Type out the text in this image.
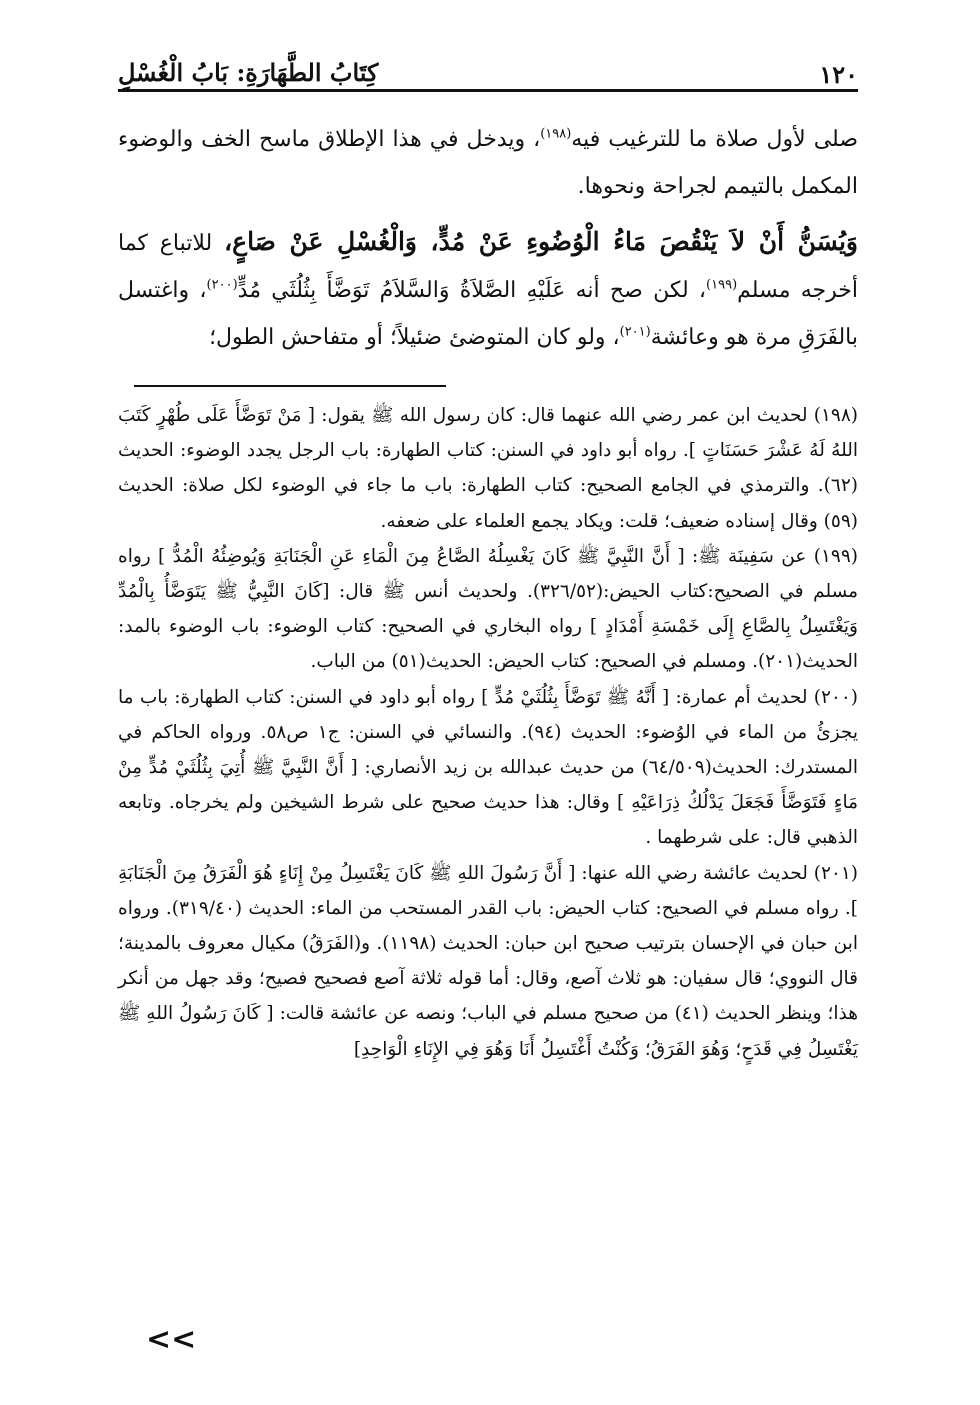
١٢٠
كِتَابُ الطَّهَارَةِ: بَابُ الْغُسْلِ

صلى لأول صلاة ما للترغيب فيه$^{(١٩٨)}$، ويدخل في هذا الإطلاق ماسح الخف والوضوء المكمل بالتيمم لجراحة ونحوها.

وَيُسَنُّ أَنْ لاَ يَنْقُصَ مَاءُ الْوُضُوءِ عَنْ مُدٍّ، وَالْغُسْلِ عَنْ صَاعٍ، للاتباع كما أخرجه مسلم$^{(١٩٩)}$، لكن صح أنه عَلَيْهِ الصَّلاَةُ وَالسَّلاَمُ تَوَضَّأَ بِثُلُثَي مُدٍّ$^{(٢٠٠)}$، واغتسل بالفَرَقِ مرة هو وعائشة$^{(٢٠١)}$، ولو كان المتوضئ ضئيلاً؛ أو متفاحش الطول؛

(١٩٨) لحديث ابن عمر رضي الله عنهما قال: كان رسول الله ﷺ يقول: [ مَنْ تَوَضَّأَ عَلَى طُهْرٍ كَتَبَ اللهُ لَهُ عَشْرَ حَسَنَاتٍ ]. رواه أبو داود في السنن: كتاب الطهارة: باب الرجل يجدد الوضوء: الحديث (٦٢). والترمذي في الجامع الصحيح: كتاب الطهارة: باب ما جاء في الوضوء لكل صلاة: الحديث (٥٩) وقال إسناده ضعيف؛ قلت: ويكاد يجمع العلماء على ضعفه.

(١٩٩) عن سَفِينَة ﷺ: [ أَنَّ النَّبِيَّ ﷺ كَانَ يَغْسِلُهُ الصَّاعُ مِنَ الْمَاءِ عَنِ الْجَنَابَةِ وَيُوضِئُهُ الْمُدُّ ] رواه مسلم في الصحيح:كتاب الحيض:(٣٢٦/٥٢). ولحديث أنس ﷺ قال: [كَانَ النَّبِيُّ ﷺ يَتَوَضَّأُ بِالْمُدِّ وَيَغْتَسِلُ بِالصَّاعِ إِلَى خَمْسَةِ أَمْدَادٍ ] رواه البخاري في الصحيح: كتاب الوضوء: باب الوضوء بالمد: الحديث(٢٠١). ومسلم في الصحيح: كتاب الحيض: الحديث(٥١) من الباب.

(٢٠٠) لحديث أم عمارة: [ أَنَّهُ ﷺ تَوَضَّأَ بِثُلُثَيْ مُدٍّ ] رواه أبو داود في السنن: كتاب الطهارة: باب ما يجزئُ من الماء في الوُضوء: الحديث (٩٤). والنسائي في السنن: ج١ ص٥٨. ورواه الحاكم في المستدرك: الحديث(٦٤/٥٠٩) من حديث عبدالله بن زيد الأنصاري: [ أَنَّ النَّبِيَّ ﷺ أُتِيَ بِثُلُثَيْ مُدٍّ مِنْ مَاءٍ فَتَوَضَّأَ فَجَعَلَ يَدْلُكُ ذِرَاعَيْهِ ] وقال: هذا حديث صحيح على شرط الشيخين ولم يخرجاه. وتابعه الذهبي قال: على شرطهما .

(٢٠١) لحديث عائشة رضي الله عنها: [ أَنَّ رَسُولَ اللهِ ﷺ كَانَ يَغْتَسِلُ مِنْ إِنَاءٍ هُوَ الْفَرَقُ مِنَ الْجَنَابَةِ ]. رواه مسلم في الصحيح: كتاب الحيض: باب القدر المستحب من الماء: الحديث (٣١٩/٤٠). ورواه ابن حبان في الإحسان بترتيب صحيح ابن حبان: الحديث (١١٩٨). و(الفَرَقُ) مكيال معروف بالمدينة؛ قال النووي؛ قال سفيان: هو ثلاث آصع، وقال: أما قوله ثلاثة آصع فصحيح فصيح؛ وقد جهل من أنكر هذا؛ وينظر الحديث (٤١) من صحيح مسلم في الباب؛ ونصه عن عائشة قالت: [ كَانَ رَسُولُ اللهِ ﷺ يَغْتَسِلُ فِي قَدَحٍ؛ وَهُوَ الفَرَقُ؛ وَكُنْتُ أَغْتَسِلُ أَنَا وَهُوَ فِي الإِنَاءِ الْوَاحِدِ]

<<
